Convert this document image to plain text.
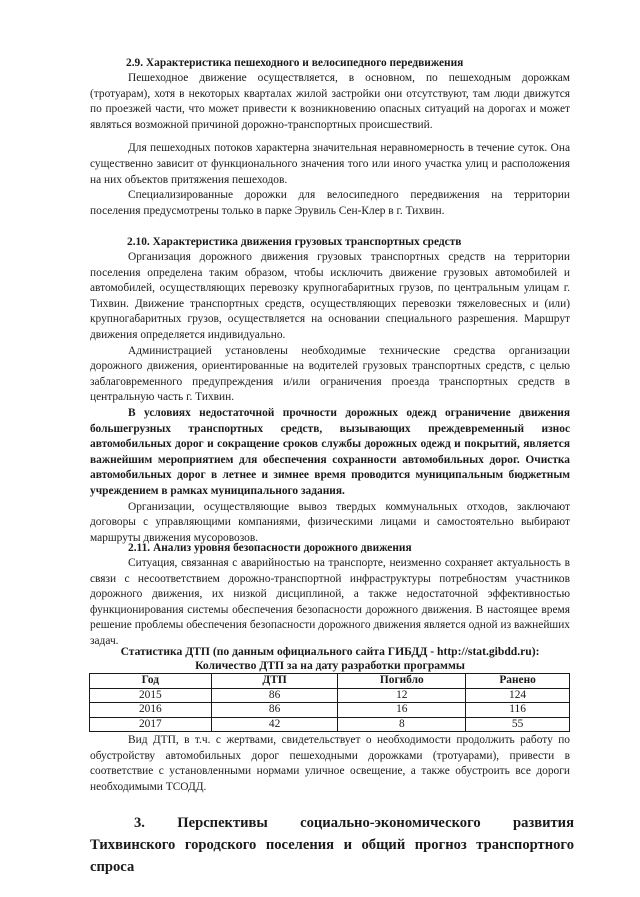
2.9. Характеристика пешеходного и велосипедного передвижения

Пешеходное движение осуществляется, в основном, по пешеходным дорожкам (тротуарам), хотя в некоторых кварталах жилой застройки они отсутствуют, там люди движутся по проезжей части, что может привести к возникновению опасных ситуаций на дорогах и может являться возможной причиной дорожно-транспортных происшествий.

Для пешеходных потоков характерна значительная неравномерность в течение суток. Она существенно зависит от функционального значения того или иного участка улиц и расположения на них объектов притяжения пешеходов.

Специализированные дорожки для велосипедного передвижения на территории поселения предусмотрены только в парке Эрувиль Сен-Клер в г. Тихвин.

2.10. Характеристика движения грузовых транспортных средств

Организация дорожного движения грузовых транспортных средств на территории поселения определена таким образом, чтобы исключить движение грузовых автомобилей и автомобилей, осуществляющих перевозку крупногабаритных грузов, по центральным улицам г. Тихвин. Движение транспортных средств, осуществляющих перевозки тяжеловесных и (или) крупногабаритных грузов, осуществляется на основании специального разрешения. Маршрут движения определяется индивидуально.

Администрацией установлены необходимые технические средства организации дорожного движения, ориентированные на водителей грузовых транспортных средств, с целью заблаговременного предупреждения и/или ограничения проезда транспортных средств в центральную часть г. Тихвин.

В условиях недостаточной прочности дорожных одежд ограничение движения большегрузных транспортных средств, вызывающих преждевременный износ автомобильных дорог и сокращение сроков службы дорожных одежд и покрытий, является важнейшим мероприятием для обеспечения сохранности автомобильных дорог. Очистка автомобильных дорог в летнее и зимнее время проводится муниципальным бюджетным учреждением в рамках муниципального задания.

Организации, осуществляющие вывоз твердых коммунальных отходов, заключают договоры с управляющими компаниями, физическими лицами и самостоятельно выбирают маршруты движения мусоровозов.

2.11. Анализ уровня безопасности дорожного движения

Ситуация, связанная с аварийностью на транспорте, неизменно сохраняет актуальность в связи с несоответствием дорожно-транспортной инфраструктуры потребностям участников дорожного движения, их низкой дисциплиной, а также недостаточной эффективностью функционирования системы обеспечения безопасности дорожного движения. В настоящее время решение проблемы обеспечения безопасности дорожного движения является одной из важнейших задач.

Статистика ДТП (по данным официального сайта ГИБДД - http://stat.gibdd.ru):
Количество ДТП за на дату разработки программы
Год	ДТП	Погибло	Ранено
2015	86	12	124
2016	86	16	116
2017	42	8	55

Вид ДТП, в т.ч. с жертвами, свидетельствует о необходимости продолжить работу по обустройству автомобильных дорог пешеходными дорожками (тротуарами), привести в соответствие с установленными нормами уличное освещение, а также обустроить все дороги необходимыми ТСОДД.

3. Перспективы социально-экономического развития Тихвинского городского поселения и общий прогноз транспортного спроса
